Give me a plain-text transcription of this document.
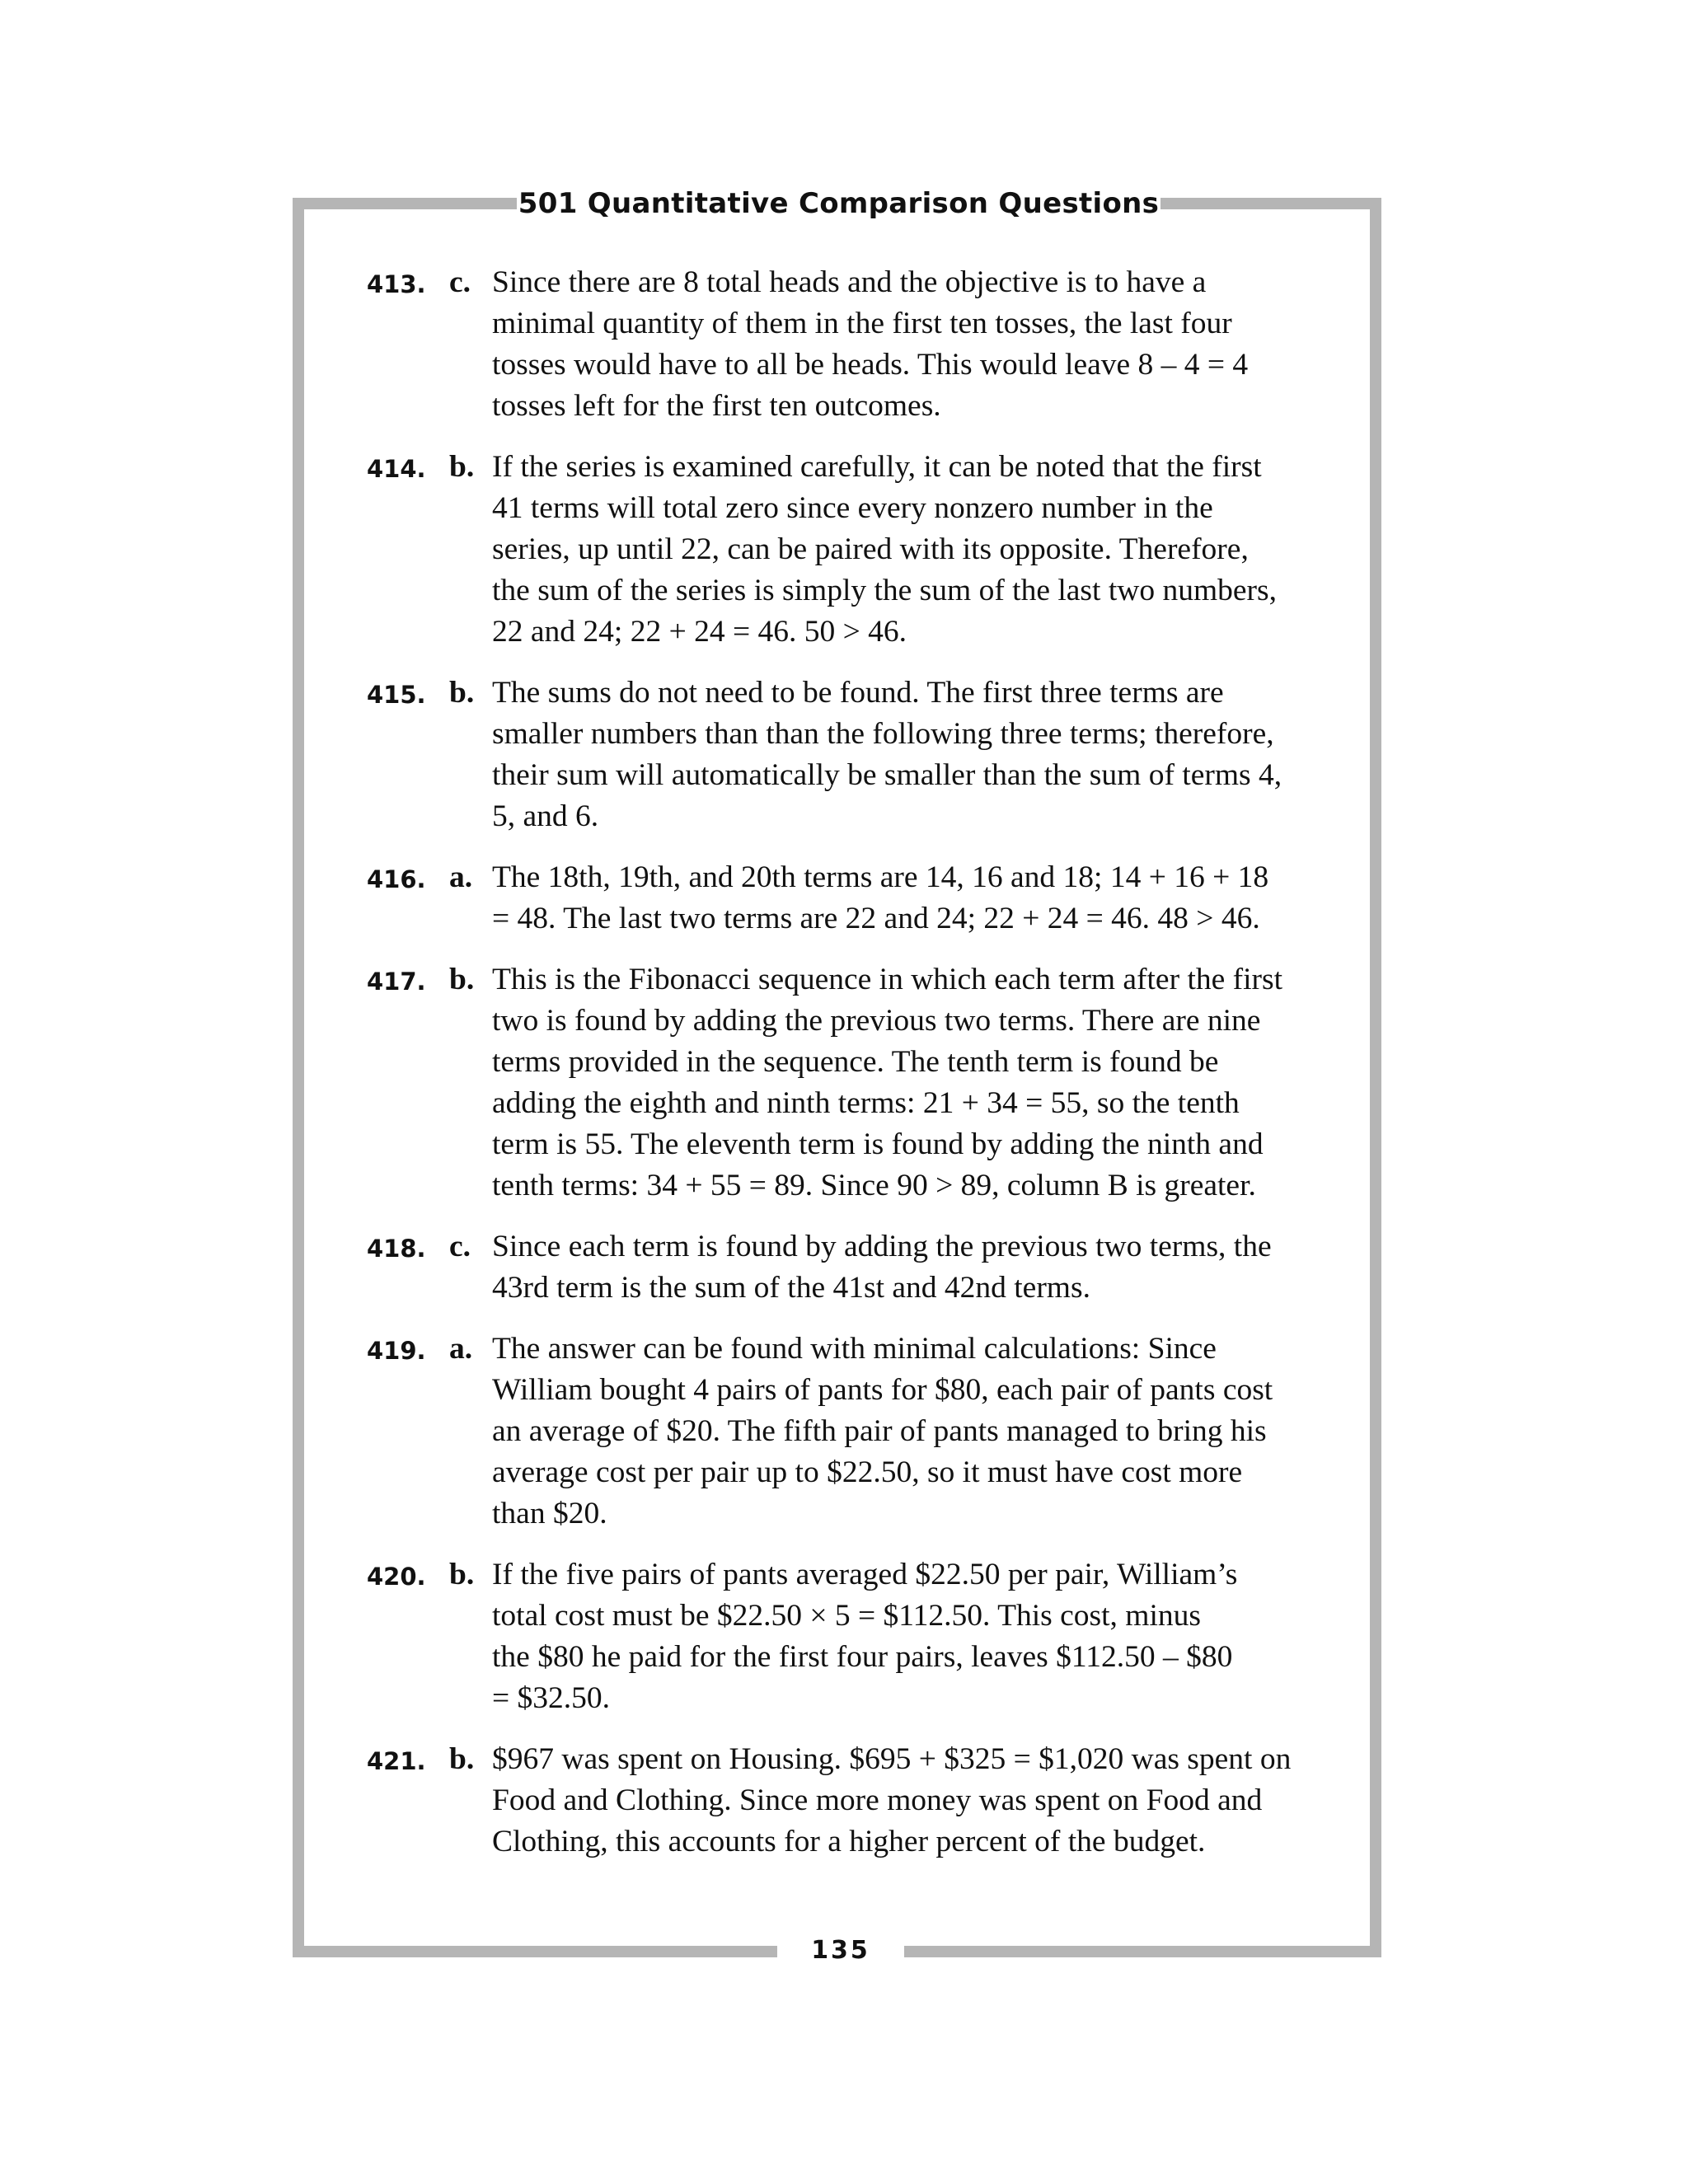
501 Quantitative Comparison Questions
413. c. Since there are 8 total heads and the objective is to have a
minimal quantity of them in the first ten tosses, the last four
tosses would have to all be heads. This would leave 8 – 4 = 4
tosses left for the first ten outcomes.
414. b. If the series is examined carefully, it can be noted that the first
41 terms will total zero since every nonzero number in the
series, up until 22, can be paired with its opposite. Therefore,
the sum of the series is simply the sum of the last two numbers,
22 and 24; 22 + 24 = 46. 50 > 46.
415. b. The sums do not need to be found. The first three terms are
smaller numbers than than the following three terms; therefore,
their sum will automatically be smaller than the sum of terms 4,
5, and 6.
416. a. The 18th, 19th, and 20th terms are 14, 16 and 18; 14 + 16 + 18
= 48. The last two terms are 22 and 24; 22 + 24 = 46. 48 > 46.
417. b. This is the Fibonacci sequence in which each term after the first
two is found by adding the previous two terms. There are nine
terms provided in the sequence. The tenth term is found be
adding the eighth and ninth terms: 21 + 34 = 55, so the tenth
term is 55. The eleventh term is found by adding the ninth and
tenth terms: 34 + 55 = 89. Since 90 > 89, column B is greater.
418. c. Since each term is found by adding the previous two terms, the
43rd term is the sum of the 41st and 42nd terms.
419. a. The answer can be found with minimal calculations: Since
William bought 4 pairs of pants for $80, each pair of pants cost
an average of $20. The fifth pair of pants managed to bring his
average cost per pair up to $22.50, so it must have cost more
than $20.
420. b. If the five pairs of pants averaged $22.50 per pair, William’s
total cost must be $22.50 × 5 = $112.50. This cost, minus
the $80 he paid for the first four pairs, leaves $112.50 – $80
= $32.50.
421. b. $967 was spent on Housing. $695 + $325 = $1,020 was spent on
Food and Clothing. Since more money was spent on Food and
Clothing, this accounts for a higher percent of the budget.
135
